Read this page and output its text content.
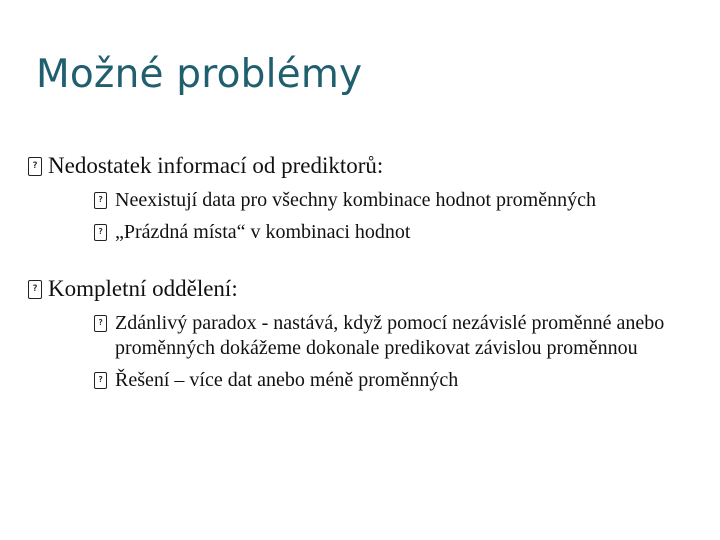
Možné problémy
? Nedostatek informací od prediktorů:
? Neexistují data pro všechny kombinace hodnot proměnných
? „Prázdná místa“ v kombinaci hodnot
? Kompletní oddělení:
? Zdánlivý paradox - nastává, když pomocí nezávislé proměnné anebo proměnných dokážeme dokonale predikovat závislou proměnnou
? Řešení – více dat anebo méně proměnných
